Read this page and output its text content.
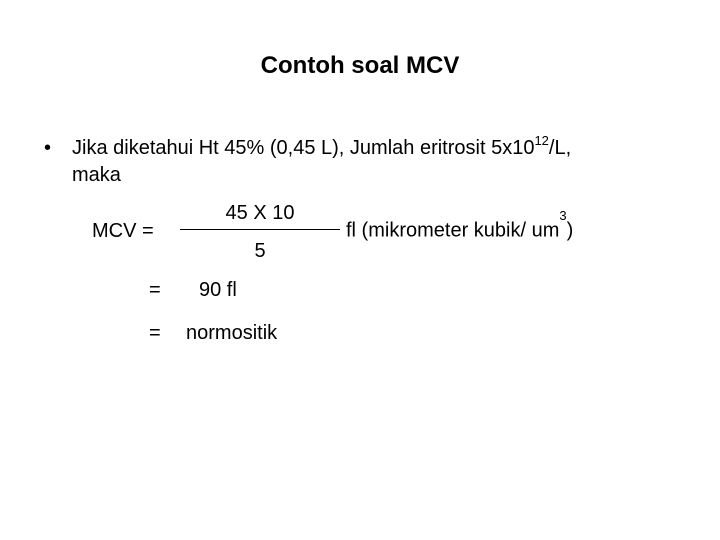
Contoh soal MCV
• Jika diketahui Ht 45% (0,45 L), Jumlah eritrosit $5x10^{12}/L$,
maka
MCV =
45 X 10
5
fl (mikrometer kubik/ $um^3$)
= 90 fl
= normositik
